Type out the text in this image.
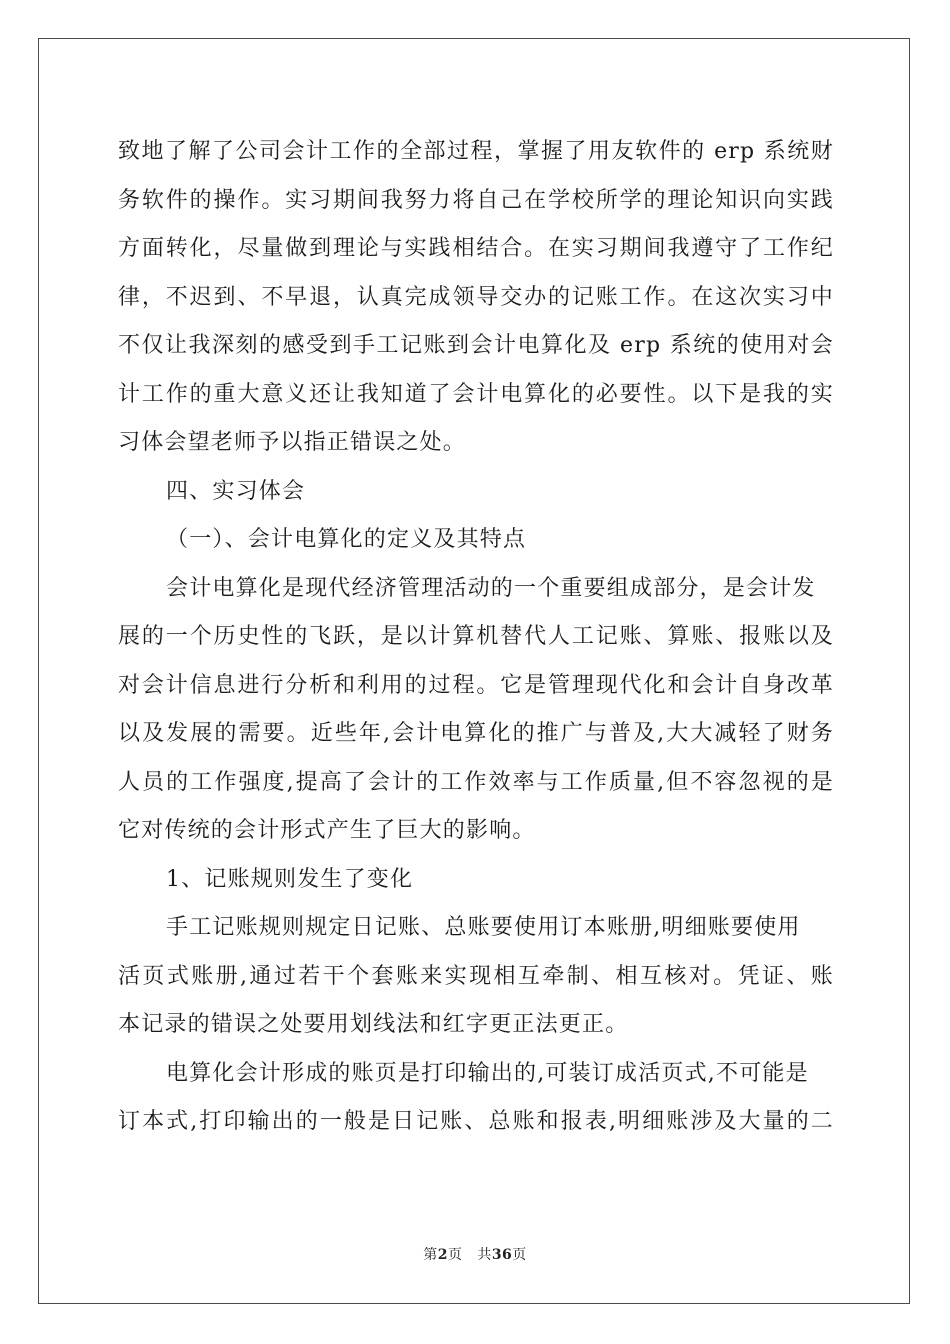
致地了解了公司会计工作的全部过程，掌握了用友软件的 erp 系统财
务软件的操作。实习期间我努力将自己在学校所学的理论知识向实践
方面转化，尽量做到理论与实践相结合。在实习期间我遵守了工作纪
律，不迟到、不早退，认真完成领导交办的记账工作。在这次实习中
不仅让我深刻的感受到手工记账到会计电算化及 erp 系统的使用对会
计工作的重大意义还让我知道了会计电算化的必要性。以下是我的实
习体会望老师予以指正错误之处。
四、实习体会
（一）、会计电算化的定义及其特点
会计电算化是现代经济管理活动的一个重要组成部分，是会计发
展的一个历史性的飞跃，是以计算机替代人工记账、算账、报账以及
对会计信息进行分析和利用的过程。它是管理现代化和会计自身改革
以及发展的需要。近些年,会计电算化的推广与普及,大大减轻了财务
人员的工作强度,提高了会计的工作效率与工作质量,但不容忽视的是
它对传统的会计形式产生了巨大的影响。
1、记账规则发生了变化
手工记账规则规定日记账、总账要使用订本账册,明细账要使用
活页式账册,通过若干个套账来实现相互牵制、相互核对。凭证、账
本记录的错误之处要用划线法和红字更正法更正。
电算化会计形成的账页是打印输出的,可装订成活页式,不可能是
订本式,打印输出的一般是日记账、总账和报表,明细账涉及大量的二
第2页 共36页
